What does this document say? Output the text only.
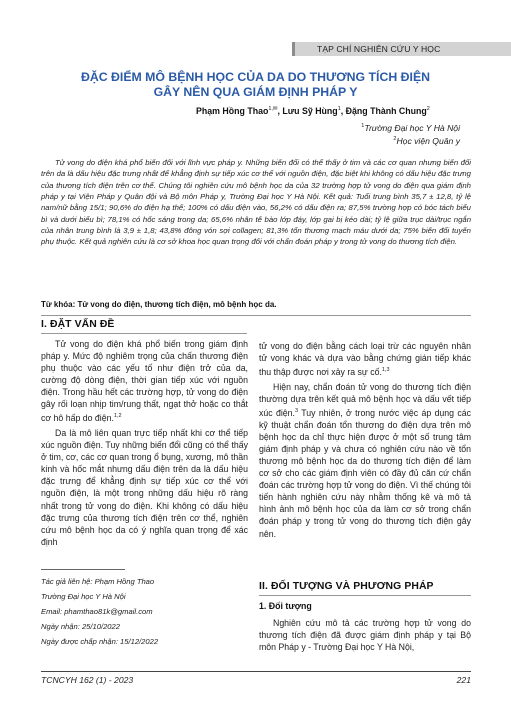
TẠP CHÍ NGHIÊN CỨU Y HỌC
ĐẶC ĐIỂM MÔ BỆNH HỌC CỦA DA DO THƯƠNG TÍCH ĐIỆN
GÂY NÊN QUA GIÁM ĐỊNH PHÁP Y
Phạm Hồng Thao$^{1,✉}$, Lưu Sỹ Hùng$^1$, Đặng Thành Chung$^2$
$^1$Trường Đại học Y Hà Nội
$^2$Học viện Quân y
Tử vong do điện khá phổ biến đối với lĩnh vực pháp y. Những biến đổi có thể thấy ở tim và các cơ quan nhưng biến đổi trên da là dấu hiệu đặc trưng nhất để khẳng định sự tiếp xúc cơ thể với nguồn điện, đặc biệt khi không có dấu hiệu đặc trưng của thương tích điện trên cơ thể. Chúng tôi nghiên cứu mô bệnh học da của 32 trường hợp tử vong do điện qua giám định pháp y tại Viện Pháp y Quân đội và Bộ môn Pháp y, Trường Đại học Y Hà Nội. Kết quả: Tuổi trung bình 35,7 ± 12,8, tỷ lệ nam/nữ bằng 15/1; 90,6% do điện hạ thế; 100% có dấu điện vào, 56,2% có dấu điện ra; 87,5% trường hợp có bóc tách biểu bì và dưới biểu bì; 78,1% có hốc sáng trong da; 65,6% nhân tế bào lớp đáy, lớp gai bị kéo dài; tỷ lệ giữa trục dài/trục ngắn của nhân trung bình là 3,9 ± 1,8; 43,8% đông vón sợi collagen; 81,3% tổn thương mạch máu dưới da; 75% biến đổi tuyến phụ thuộc. Kết quả nghiên cứu là cơ sở khoa học quan trọng đối với chẩn đoán pháp y trong tử vong do thương tích điện.
Từ khóa: Tử vong do điện, thương tích điện, mô bệnh học da.
I. ĐẶT VẤN ĐỀ

Tử vong do điện khá phổ biến trong giám định pháp y. Mức độ nghiêm trọng của chấn thương điện phụ thuộc vào các yếu tố như điện trở của da, cường độ dòng điện, thời gian tiếp xúc với nguồn điện. Trong hầu hết các trường hợp, tử vong do điện gây rối loạn nhịp tim/rung thất, ngạt thở hoặc co thắt cơ hô hấp do điện.$^{1,2}$

Da là mô liên quan trực tiếp nhất khi cơ thể tiếp xúc nguồn điện. Tuy những biến đổi cũng có thể thấy ở tim, cơ, các cơ quan trong ổ bụng, xương, mô thần kinh và hốc mắt nhưng dấu điện trên da là dấu hiệu đặc trưng để khẳng định sự tiếp xúc cơ thể với nguồn điện, là một trong những dấu hiệu rõ ràng nhất trong tử vong do điện. Khi không có dấu hiệu đặc trưng của thương tích điện trên cơ thể, nghiên cứu mô bệnh học da có ý nghĩa quan trọng để xác định

Tác giả liên hệ: Phạm Hồng Thao
Trường Đại học Y Hà Nội
Email: phamthao81k@gmail.com
Ngày nhận: 25/10/2022
Ngày được chấp nhận: 15/12/2022

tử vong do điện bằng cách loại trừ các nguyên nhân tử vong khác và dựa vào bằng chứng gián tiếp khác thu thập được nơi xảy ra sự cố.$^{1,3}$

Hiện nay, chẩn đoán tử vong do thương tích điện thường dựa trên kết quả mô bệnh học và dấu vết tiếp xúc điện.$^3$ Tuy nhiên, ở trong nước việc áp dụng các kỹ thuật chẩn đoán tổn thương do điện dựa trên mô bệnh học da chỉ thực hiện được ở một số trung tâm giám định pháp y và chưa có nghiên cứu nào về tổn thương mô bệnh học da do thương tích điện để làm cơ sở cho các giám định viên có đầy đủ căn cứ chẩn đoán các trường hợp tử vong do điện. Vì thế chúng tôi tiến hành nghiên cứu này nhằm thống kê và mô tả hình ảnh mô bệnh học của da làm cơ sở trong chẩn đoán pháp y trong tử vong do thương tích điện gây nên.

II. ĐỐI TƯỢNG VÀ PHƯƠNG PHÁP
1. Đối tượng

Nghiên cứu mô tả các trường hợp tử vong do thương tích điện đã được giám định pháp y tại Bộ môn Pháp y - Trường Đại học Y Hà Nội,

TCNCYH 162 (1) - 2023	221
